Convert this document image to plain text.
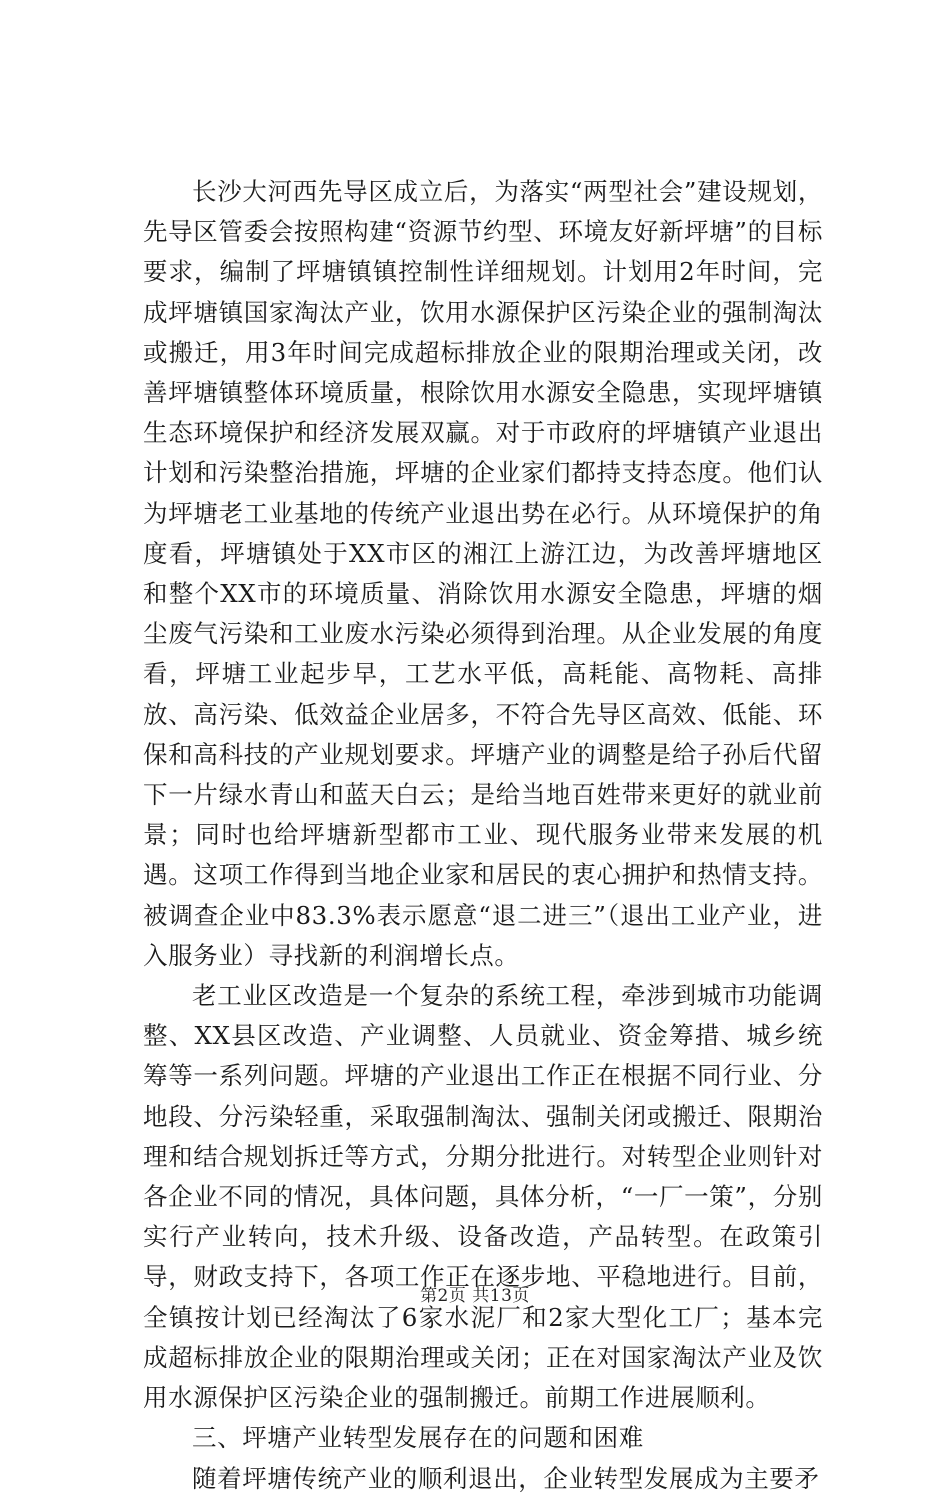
长沙大河西先导区成立后，为落实“两型社会”建设规划，先导区管委会按照构建“资源节约型、环境友好新坪塘”的目标要求，编制了坪塘镇镇控制性详细规划。计划用2年时间，完成坪塘镇国家淘汰产业，饮用水源保护区污染企业的强制淘汰或搬迁，用3年时间完成超标排放企业的限期治理或关闭，改善坪塘镇整体环境质量，根除饮用水源安全隐患，实现坪塘镇生态环境保护和经济发展双赢。对于市政府的坪塘镇产业退出计划和污染整治措施，坪塘的企业家们都持支持态度。他们认为坪塘老工业基地的传统产业退出势在必行。从环境保护的角度看，坪塘镇处于XX市区的湘江上游江边，为改善坪塘地区和整个XX市的环境质量、消除饮用水源安全隐患，坪塘的烟尘废气污染和工业废水污染必须得到治理。从企业发展的角度看，坪塘工业起步早，工艺水平低，高耗能、高物耗、高排放、高污染、低效益企业居多，不符合先导区高效、低能、环保和高科技的产业规划要求。坪塘产业的调整是给子孙后代留下一片绿水青山和蓝天白云；是给当地百姓带来更好的就业前景；同时也给坪塘新型都市工业、现代服务业带来发展的机遇。这项工作得到当地企业家和居民的衷心拥护和热情支持。被调查企业中83.3%表示愿意“退二进三”（退出工业产业，进入服务业）寻找新的利润增长点。

老工业区改造是一个复杂的系统工程，牵涉到城市功能调整、XX县区改造、产业调整、人员就业、资金筹措、城乡统筹等一系列问题。坪塘的产业退出工作正在根据不同行业、分地段、分污染轻重，采取强制淘汰、强制关闭或搬迁、限期治理和结合规划拆迁等方式，分期分批进行。对转型企业则针对各企业不同的情况，具体问题，具体分析，“一厂一策”，分别实行产业转向，技术升级、设备改造，产品转型。在政策引导，财政支持下，各项工作正在逐步地、平稳地进行。目前，全镇按计划已经淘汰了6家水泥厂和2家大型化工厂；基本完成超标排放企业的限期治理或关闭；正在对国家淘汰产业及饮用水源保护区污染企业的强制搬迁。前期工作进展顺利。

三、坪塘产业转型发展存在的问题和困难

随着坪塘传统产业的顺利退出，企业转型发展成为主要矛

第2页 共13页
